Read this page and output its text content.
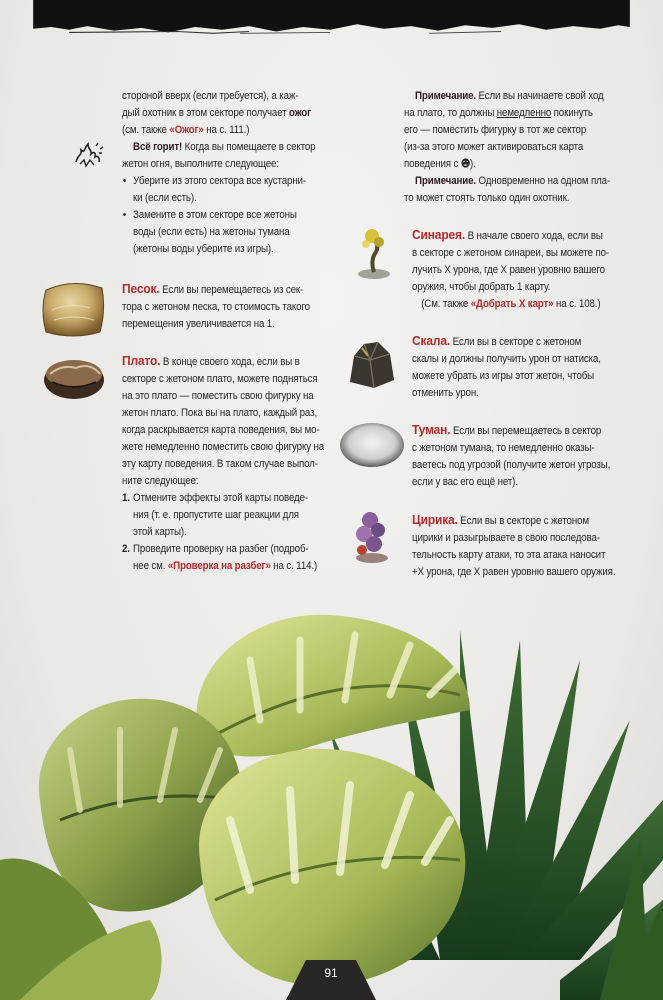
стороной вверх (если требуется), а каж-
дый охотник в этом секторе получает ожог
(см. также «Ожог» на с. 111.)
Всё горит! Когда вы помещаете в сектор
жетон огня, выполните следующее:
• Уберите из этого сектора все кустарни-
ки (если есть).
• Замените в этом секторе все жетоны
воды (если есть) на жетоны тумана
(жетоны воды уберите из игры).
Песок. Если вы перемещаетесь из сек-
тора с жетоном песка, то стоимость такого
перемещения увеличивается на 1.
Плато. В конце своего хода, если вы в
секторе с жетоном плато, можете подняться
на это плато — поместить свою фигурку на
жетон плато. Пока вы на плато, каждый раз,
когда раскрывается карта поведения, вы мо-
жете немедленно поместить свою фигурку на
эту карту поведения. В таком случае выпол-
ните следующее:
1. Отмените эффекты этой карты поведе-
ния (т. е. пропустите шаг реакции для
этой карты).
2. Проведите проверку на разбег (подроб-
нее см. «Проверка на разбег» на с. 114.)
Примечание. Если вы начинаете свой ход
на плато, то должны немедленно покинуть
его — поместить фигурку в тот же сектор
(из-за этого может активироваться карта
поведения с ).
Примечание. Одновременно на одном пла-
то может стоять только один охотник.
Синарея. В начале своего хода, если вы
в секторе с жетоном синареи, вы можете по-
лучить X урона, где X равен уровню вашего
оружия, чтобы добрать 1 карту.
(См. также «Добрать X карт» на с. 108.)
Скала. Если вы в секторе с жетоном
скалы и должны получить урон от натиска,
можете убрать из игры этот жетон, чтобы
отменить урон.
Туман. Если вы перемещаетесь в сектор
с жетоном тумана, то немедленно оказы-
ваетесь под угрозой (получите жетон угрозы,
если у вас его ещё нет).
Цирика. Если вы в секторе с жетоном
цирики и разыгрываете в свою последова-
тельность карту атаки, то эта атака наносит
+X урона, где X равен уровню вашего оружия.
91
